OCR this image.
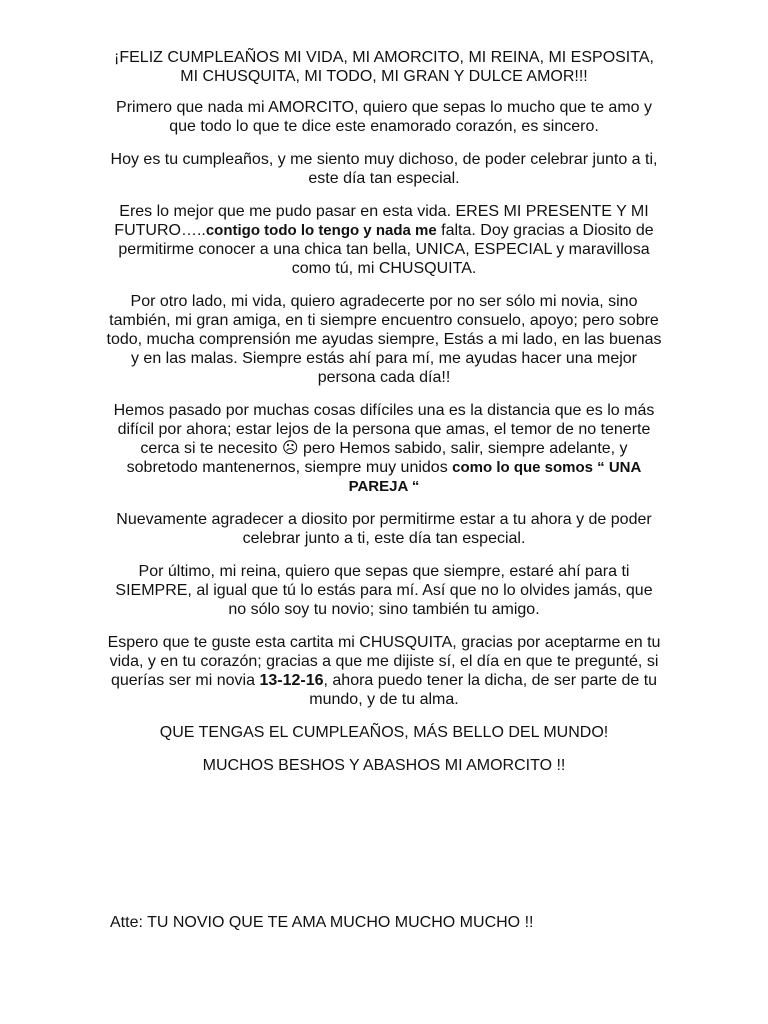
¡FELIZ CUMPLEAÑOS MI VIDA, MI AMORCITO, MI REINA, MI ESPOSITA, MI CHUSQUITA, MI TODO, MI GRAN Y DULCE AMOR!!!

Primero que nada mi AMORCITO, quiero que sepas lo mucho que te amo y que todo lo que te dice este enamorado corazón, es sincero.

Hoy es tu cumpleaños, y me siento muy dichoso, de poder celebrar junto a ti, este día tan especial.

Eres lo mejor que me pudo pasar en esta vida. ERES MI PRESENTE Y MI FUTURO…..contigo todo lo tengo y nada me falta. Doy gracias a Diosito de permitirme conocer a una chica tan bella, UNICA, ESPECIAL y maravillosa como tú, mi CHUSQUITA.

Por otro lado, mi vida, quiero agradecerte por no ser sólo mi novia, sino también, mi gran amiga, en ti siempre encuentro consuelo, apoyo; pero sobre todo, mucha comprensión me ayudas siempre, Estás a mi lado, en las buenas y en las malas. Siempre estás ahí para mí, me ayudas hacer una mejor persona cada día!!

Hemos pasado por muchas cosas difíciles una es la distancia que es lo más difícil por ahora; estar lejos de la persona que amas, el temor de no tenerte cerca si te necesito ☹ pero Hemos sabido, salir, siempre adelante, y sobretodo mantenernos, siempre muy unidos como lo que somos “ UNA PAREJA “

Nuevamente agradecer a diosito por permitirme estar a tu ahora y de poder celebrar junto a ti, este día tan especial.

Por último, mi reina, quiero que sepas que siempre, estaré ahí para ti SIEMPRE, al igual que tú lo estás para mí. Así que no lo olvides jamás, que no sólo soy tu novio; sino también tu amigo.

Espero que te guste esta cartita mi CHUSQUITA, gracias por aceptarme en tu vida, y en tu corazón; gracias a que me dijiste sí, el día en que te pregunté, si querías ser mi novia 13-12-16, ahora puedo tener la dicha, de ser parte de tu mundo, y de tu alma.

QUE TENGAS EL CUMPLEAÑOS, MÁS BELLO DEL MUNDO!

MUCHOS BESHOS Y ABASHOS MI AMORCITO !!

Atte: TU NOVIO QUE TE AMA MUCHO MUCHO MUCHO !!
